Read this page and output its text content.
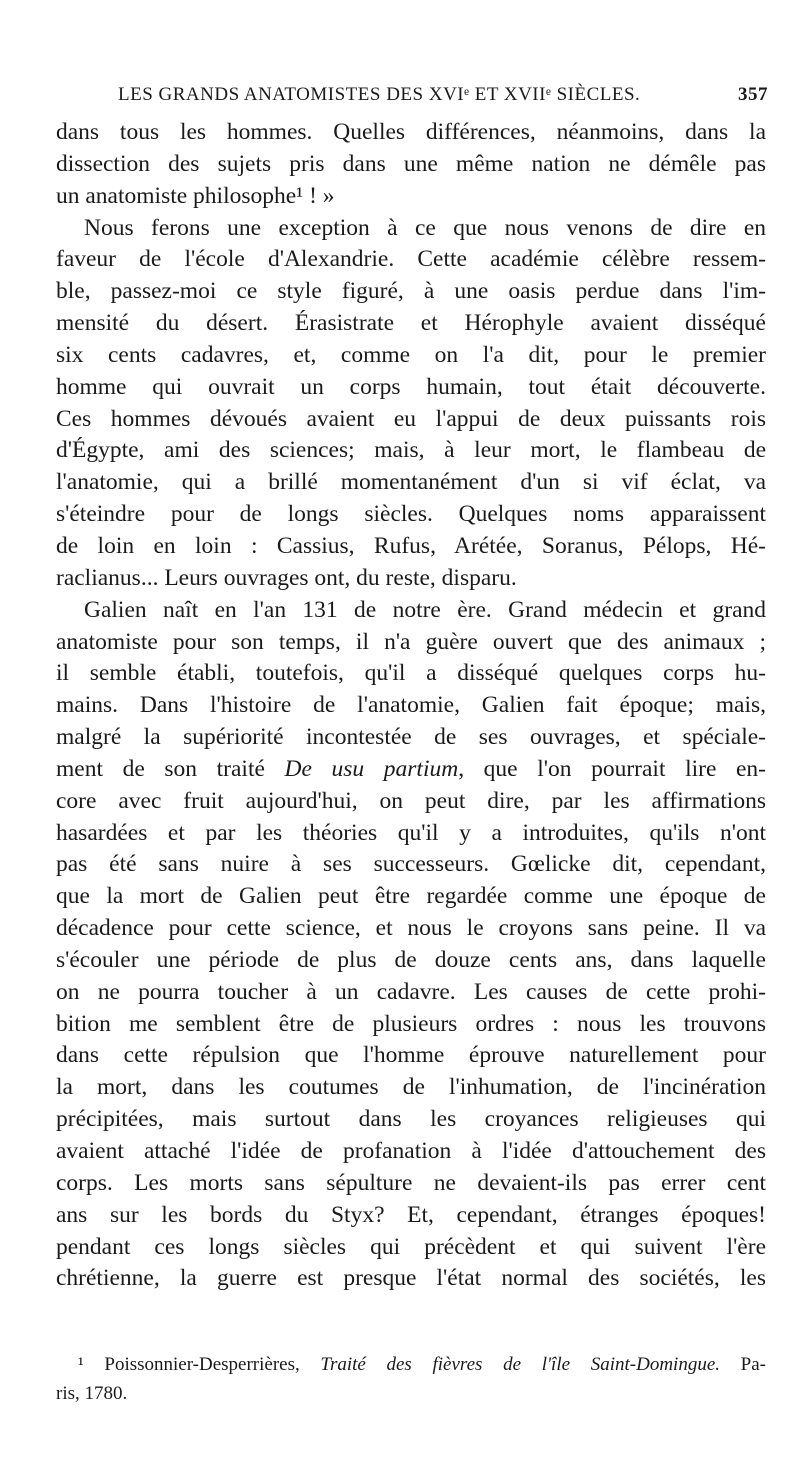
LES GRANDS ANATOMISTES DES XVIᵉ ET XVIIᵉ SIÈCLES.	357
dans tous les hommes. Quelles différences, néanmoins, dans la
dissection des sujets pris dans une même nation ne démêle pas
un anatomiste philosophe¹ ! »
Nous ferons une exception à ce que nous venons de dire en
faveur de l'école d'Alexandrie. Cette académie célèbre ressem-
ble, passez-moi ce style figuré, à une oasis perdue dans l'im-
mensité du désert. Érasistrate et Hérophyle avaient disséqué
six cents cadavres, et, comme on l'a dit, pour le premier
homme qui ouvrait un corps humain, tout était découverte.
Ces hommes dévoués avaient eu l'appui de deux puissants rois
d'Égypte, ami des sciences; mais, à leur mort, le flambeau de
l'anatomie, qui a brillé momentanément d'un si vif éclat, va
s'éteindre pour de longs siècles. Quelques noms apparaissent
de loin en loin : Cassius, Rufus, Arétée, Soranus, Pélops, Hé-
raclianus... Leurs ouvrages ont, du reste, disparu.
Galien naît en l'an 131 de notre ère. Grand médecin et grand
anatomiste pour son temps, il n'a guère ouvert que des animaux ;
il semble établi, toutefois, qu'il a disséqué quelques corps hu-
mains. Dans l'histoire de l'anatomie, Galien fait époque; mais,
malgré la supériorité incontestée de ses ouvrages, et spéciale-
ment de son traité De usu partium, que l'on pourrait lire en-
core avec fruit aujourd'hui, on peut dire, par les affirmations
hasardées et par les théories qu'il y a introduites, qu'ils n'ont
pas été sans nuire à ses successeurs. Gœlicke dit, cependant,
que la mort de Galien peut être regardée comme une époque de
décadence pour cette science, et nous le croyons sans peine. Il va
s'écouler une période de plus de douze cents ans, dans laquelle
on ne pourra toucher à un cadavre. Les causes de cette prohi-
bition me semblent être de plusieurs ordres : nous les trouvons
dans cette répulsion que l'homme éprouve naturellement pour
la mort, dans les coutumes de l'inhumation, de l'incinération
précipitées, mais surtout dans les croyances religieuses qui
avaient attaché l'idée de profanation à l'idée d'attouchement des
corps. Les morts sans sépulture ne devaient-ils pas errer cent
ans sur les bords du Styx? Et, cependant, étranges époques!
pendant ces longs siècles qui précèdent et qui suivent l'ère
chrétienne, la guerre est presque l'état normal des sociétés, les
¹ Poissonnier-Desperrières, Traité des fièvres de l'île Saint-Domingue. Pa-
ris, 1780.
